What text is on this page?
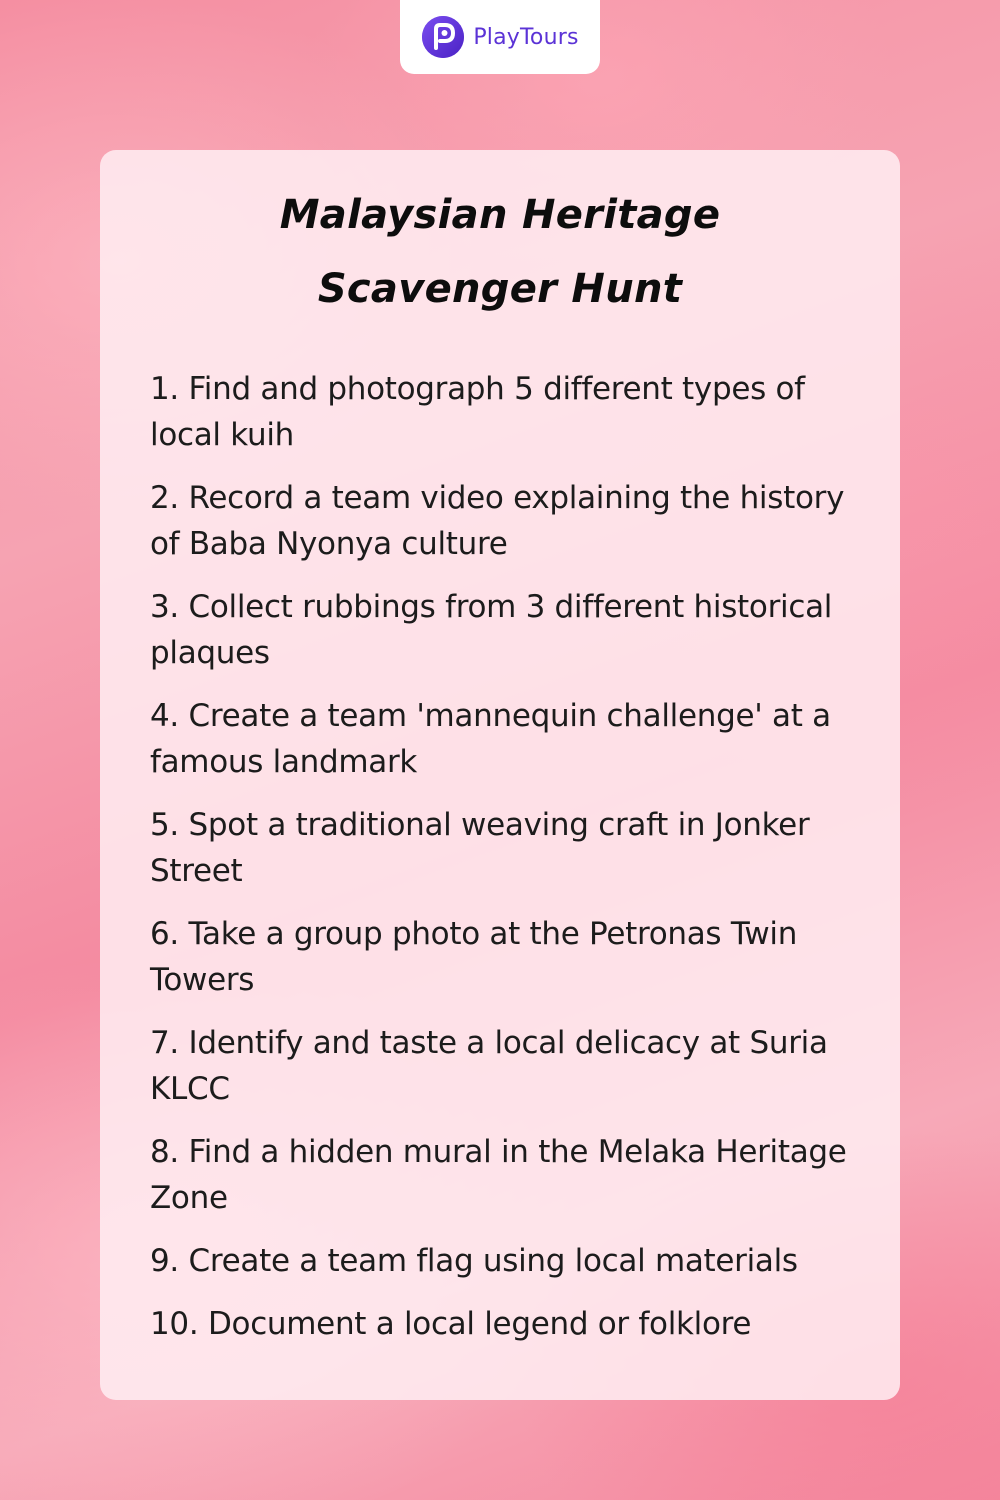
PlayTours
Malaysian Heritage
Scavenger Hunt
1. Find and photograph 5 different types of local kuih
2. Record a team video explaining the history of Baba Nyonya culture
3. Collect rubbings from 3 different historical plaques
4. Create a team 'mannequin challenge' at a famous landmark
5. Spot a traditional weaving craft in Jonker Street
6. Take a group photo at the Petronas Twin Towers
7. Identify and taste a local delicacy at Suria KLCC
8. Find a hidden mural in the Melaka Heritage Zone
9. Create a team flag using local materials
10. Document a local legend or folklore
